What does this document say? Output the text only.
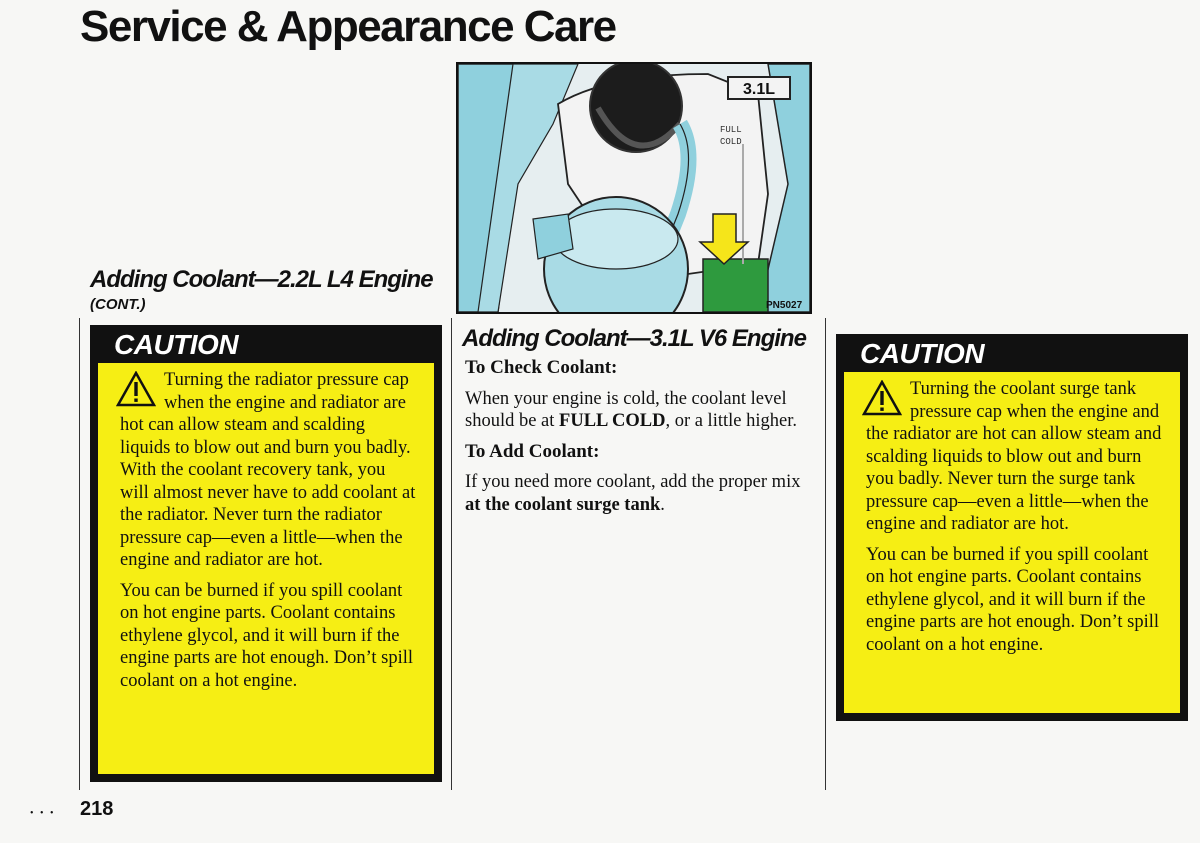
Service & Appearance Care
Adding Coolant—2.2L L4 Engine
(CONT.)
CAUTION

Turning the radiator pressure cap when the engine and radiator are hot can allow steam and scalding liquids to blow out and burn you badly. With the coolant recovery tank, you will almost never have to add coolant at the radiator. Never turn the radiator pressure cap—even a little—when the engine and radiator are hot.

You can be burned if you spill coolant on hot engine parts. Coolant contains ethylene glycol, and it will burn if the engine parts are hot enough. Don’t spill coolant on a hot engine.

3.1L
FULL
COLD
PN5027
Adding Coolant—3.1L V6 Engine

To Check Coolant:

When your engine is cold, the coolant level should be at FULL COLD, or a little higher.

To Add Coolant:

If you need more coolant, add the proper mix at the coolant surge tank.

CAUTION

Turning the coolant surge tank pressure cap when the engine and the radiator are hot can allow steam and scalding liquids to blow out and burn you badly. Never turn the surge tank pressure cap—even a little—when the engine and radiator are hot.

You can be burned if you spill coolant on hot engine parts. Coolant contains ethylene glycol, and it will burn if the engine parts are hot enough. Don’t spill coolant on a hot engine.

• • • 218
